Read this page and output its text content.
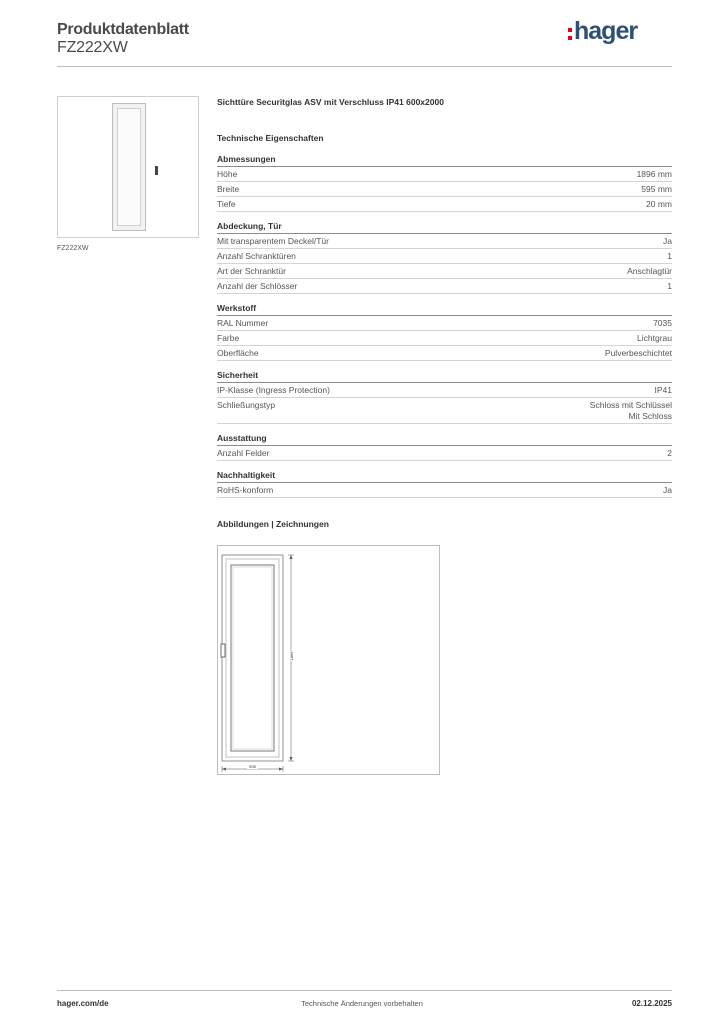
Produktdatenblatt
FZ222XW
hager
FZ222XW
Sichttüre Securitglas ASV mit Verschluss IP41 600x2000
Technische Eigenschaften
Abmessungen
Höhe	1896 mm
Breite	595 mm
Tiefe	20 mm
Abdeckung, Tür
Mit transparentem Deckel/Tür	Ja
Anzahl Schranktüren	1
Art der Schranktür	Anschlagtür
Anzahl der Schlösser	1
Werkstoff
RAL Nummer	7035
Farbe	Lichtgrau
Oberfläche	Pulverbeschichtet
Sicherheit
IP-Klasse (Ingress Protection)	IP41
Schließungstyp	Schloss mit Schlüssel
Mit Schloss
Ausstattung
Anzahl Felder	2
Nachhaltigkeit
RoHS-konform	Ja
Abbildungen | Zeichnungen
1896
595
hager.com/de	Technische Änderungen vorbehalten	02.12.2025
